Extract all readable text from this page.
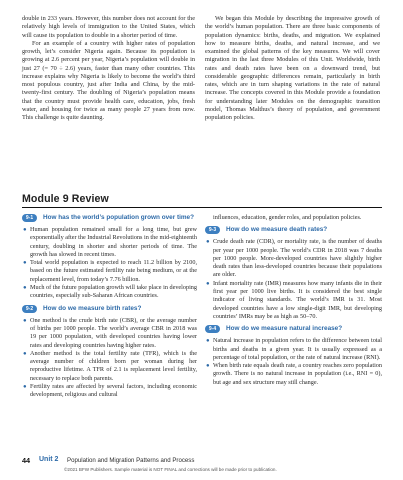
double in 233 years. However, this number does not account for the relatively high levels of immigration to the United States, which will cause its population to double in a shorter period of time.

For an example of a country with higher rates of population growth, let’s consider Nigeria again. Because its population is growing at 2.6 percent per year, Nigeria’s population will double in just 27 (= 70 ÷ 2.6) years, faster than many other countries. This increase explains why Nigeria is likely to become the world’s third most populous country, just after India and China, by the mid-twenty-first century. The doubling of Nigeria’s population means that the country must provide health care, education, jobs, fresh water, and housing for twice as many people 27 years from now. This challenge is quite daunting.

We began this Module by describing the impressive growth of the world’s human population. There are three basic components of population dynamics: births, deaths, and migration. We explained how to measure births, deaths, and natural increase, and we examined the global patterns of the key measures. We will cover migration in the last three Modules of this Unit. Worldwide, birth rates and death rates have been on a downward trend, but considerable geographic differences remain, particularly in birth rates, which are in turn shaping variations in the rate of natural increase. The concepts covered in this Module provide a foundation for understanding later Modules on the demographic transition model, Thomas Malthus’s theory of population, and government population policies.

Module 9 Review
9-1	How has the world’s population grown over time?
● Human population remained small for a long time, but grew exponentially after the Industrial Revolutions in the mid-eighteenth century, doubling in shorter and shorter periods of time. The growth has slowed in recent times.
● Total world population is expected to reach 11.2 billion by 2100, based on the future estimated fertility rate being medium, or at the replacement level, from today’s 7.76 billion.
● Much of the future population growth will take place in developing countries, especially sub-Saharan African countries.
9-2	How do we measure birth rates?
● One method is the crude birth rate (CBR), or the average number of births per 1000 people. The world’s average CBR in 2018 was 19 per 1000 population, with developed countries having lower rates and developing countries having higher rates.
● Another method is the total fertility rate (TFR), which is the average number of children born per woman during her reproductive lifetime. A TFR of 2.1 is replacement level fertility, necessary to replace both parents.
● Fertility rates are affected by several factors, including economic development, religious and cultural
influences, education, gender roles, and population policies.
9-3	How do we measure death rates?
● Crude death rate (CDR), or mortality rate, is the number of deaths per year per 1000 people. The world’s CDR in 2018 was 7 deaths per 1000 people. More-developed countries have slightly higher death rates than less-developed countries because their populations are older.
● Infant mortality rate (IMR) measures how many infants die in their first year per 1000 live births. It is considered the best single indicator of living standards. The world’s IMR is 31. Most developed countries have a low single-digit IMR, but developing countries’ IMRs may be as high as 50–70.
9-4	How do we measure natural increase?
● Natural increase in population refers to the difference between total births and deaths in a given year. It is usually expressed as a percentage of total population, or the rate of natural increase (RNI).
● When birth rate equals death rate, a country reaches zero population growth. There is no natural increase in population (i.e., RNI = 0), but age and sex structure may still change.
44 Unit 2 Population and Migration Patterns and Process
©2021 BFW Publishers. Sample material is NOT FINAL and corrections will be made prior to publication.
